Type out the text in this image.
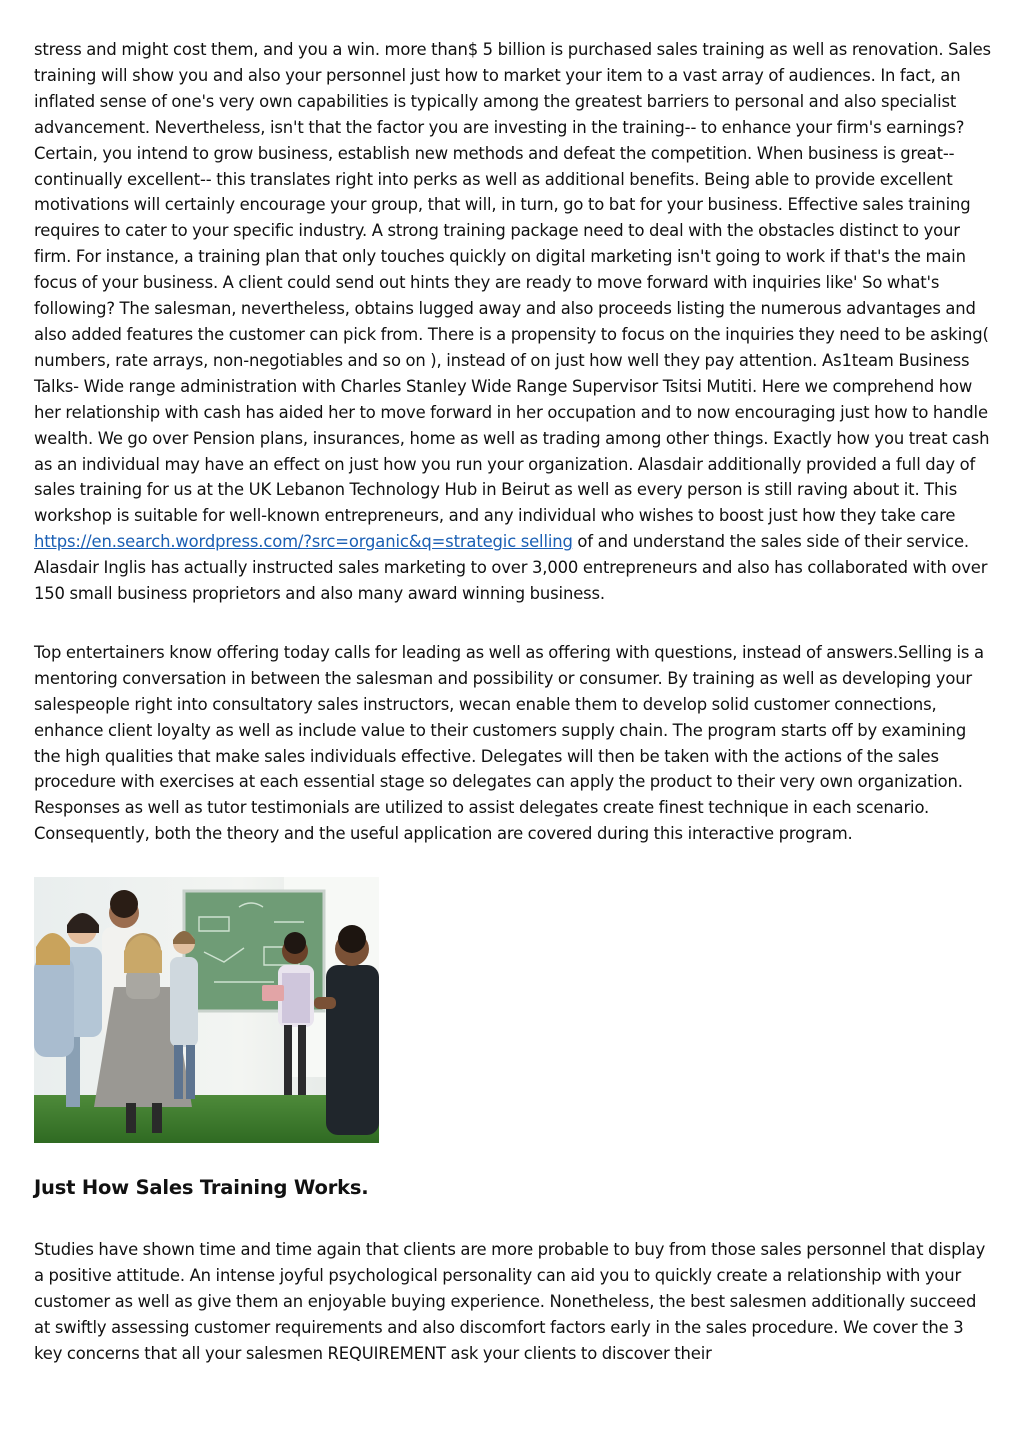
stress and might cost them, and you a win. more than$ 5 billion is purchased sales training as well as renovation. Sales training will show you and also your personnel just how to market your item to a vast array of audiences. In fact, an inflated sense of one's very own capabilities is typically among the greatest barriers to personal and also specialist advancement. Nevertheless, isn't that the factor you are investing in the training-- to enhance your firm's earnings? Certain, you intend to grow business, establish new methods and defeat the competition. When business is great-- continually excellent-- this translates right into perks as well as additional benefits. Being able to provide excellent motivations will certainly encourage your group, that will, in turn, go to bat for your business. Effective sales training requires to cater to your specific industry. A strong training package need to deal with the obstacles distinct to your firm. For instance, a training plan that only touches quickly on digital marketing isn't going to work if that's the main focus of your business. A client could send out hints they are ready to move forward with inquiries like' So what's following? The salesman, nevertheless, obtains lugged away and also proceeds listing the numerous advantages and also added features the customer can pick from. There is a propensity to focus on the inquiries they need to be asking( numbers, rate arrays, non-negotiables and so on ), instead of on just how well they pay attention. As1team Business Talks- Wide range administration with Charles Stanley Wide Range Supervisor Tsitsi Mutiti. Here we comprehend how her relationship with cash has aided her to move forward in her occupation and to now encouraging just how to handle wealth. We go over Pension plans, insurances, home as well as trading among other things. Exactly how you treat cash as an individual may have an effect on just how you run your organization. Alasdair additionally provided a full day of sales training for us at the UK Lebanon Technology Hub in Beirut as well as every person is still raving about it. This workshop is suitable for well-known entrepreneurs, and any individual who wishes to boost just how they take care https://en.search.wordpress.com/?src=organic&q=strategic selling of and understand the sales side of their service. Alasdair Inglis has actually instructed sales marketing to over 3,000 entrepreneurs and also has collaborated with over 150 small business proprietors and also many award winning business.

Top entertainers know offering today calls for leading as well as offering with questions, instead of answers.Selling is a mentoring conversation in between the salesman and possibility or consumer. By training as well as developing your salespeople right into consultatory sales instructors, wecan enable them to develop solid customer connections, enhance client loyalty as well as include value to their customers supply chain. The program starts off by examining the high qualities that make sales individuals effective. Delegates will then be taken with the actions of the sales procedure with exercises at each essential stage so delegates can apply the product to their very own organization. Responses as well as tutor testimonials are utilized to assist delegates create finest technique in each scenario. Consequently, both the theory and the useful application are covered during this interactive program.

Just How Sales Training Works.

Studies have shown time and time again that clients are more probable to buy from those sales personnel that display a positive attitude. An intense joyful psychological personality can aid you to quickly create a relationship with your customer as well as give them an enjoyable buying experience. Nonetheless, the best salesmen additionally succeed at swiftly assessing customer requirements and also discomfort factors early in the sales procedure. We cover the 3 key concerns that all your salesmen REQUIREMENT ask your clients to discover their
